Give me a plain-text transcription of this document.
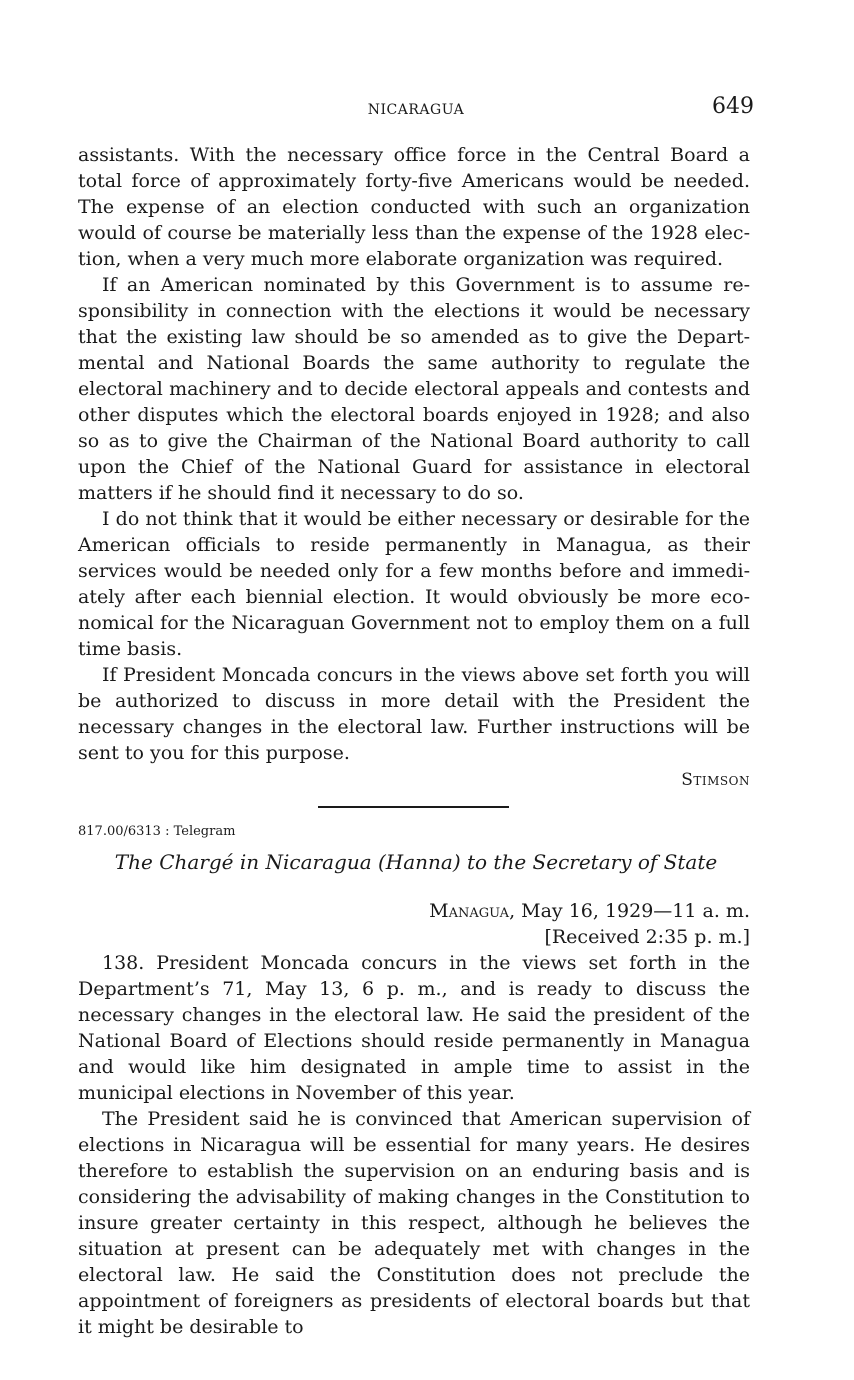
NICARAGUA	649

assistants. With the necessary office force in the Central Board a total force of approximately forty-five Americans would be needed. The expense of an election conducted with such an organization would of course be materially less than the expense of the 1928 election, when a very much more elaborate organization was required.

If an American nominated by this Government is to assume responsibility in connection with the elections it would be necessary that the existing law should be so amended as to give the Departmental and National Boards the same authority to regulate the electoral machinery and to decide electoral appeals and contests and other disputes which the electoral boards enjoyed in 1928; and also so as to give the Chairman of the National Board authority to call upon the Chief of the National Guard for assistance in electoral matters if he should find it necessary to do so.

I do not think that it would be either necessary or desirable for the American officials to reside permanently in Managua, as their services would be needed only for a few months before and immediately after each biennial election. It would obviously be more economical for the Nicaraguan Government not to employ them on a full time basis.

If President Moncada concurs in the views above set forth you will be authorized to discuss in more detail with the President the necessary changes in the electoral law. Further instructions will be sent to you for this purpose.

Stimson
817.00/6313 : Telegram
The Chargé in Nicaragua (Hanna) to the Secretary of State
Managua, May 16, 1929—11 a. m.
[Received 2:35 p. m.]

138. President Moncada concurs in the views set forth in the Department’s 71, May 13, 6 p. m., and is ready to discuss the necessary changes in the electoral law. He said the president of the National Board of Elections should reside permanently in Managua and would like him designated in ample time to assist in the municipal elections in November of this year.

The President said he is convinced that American supervision of elections in Nicaragua will be essential for many years. He desires therefore to establish the supervision on an enduring basis and is considering the advisability of making changes in the Constitution to insure greater certainty in this respect, although he believes the situation at present can be adequately met with changes in the electoral law. He said the Constitution does not preclude the appointment of foreigners as presidents of electoral boards but that it might be desirable to
